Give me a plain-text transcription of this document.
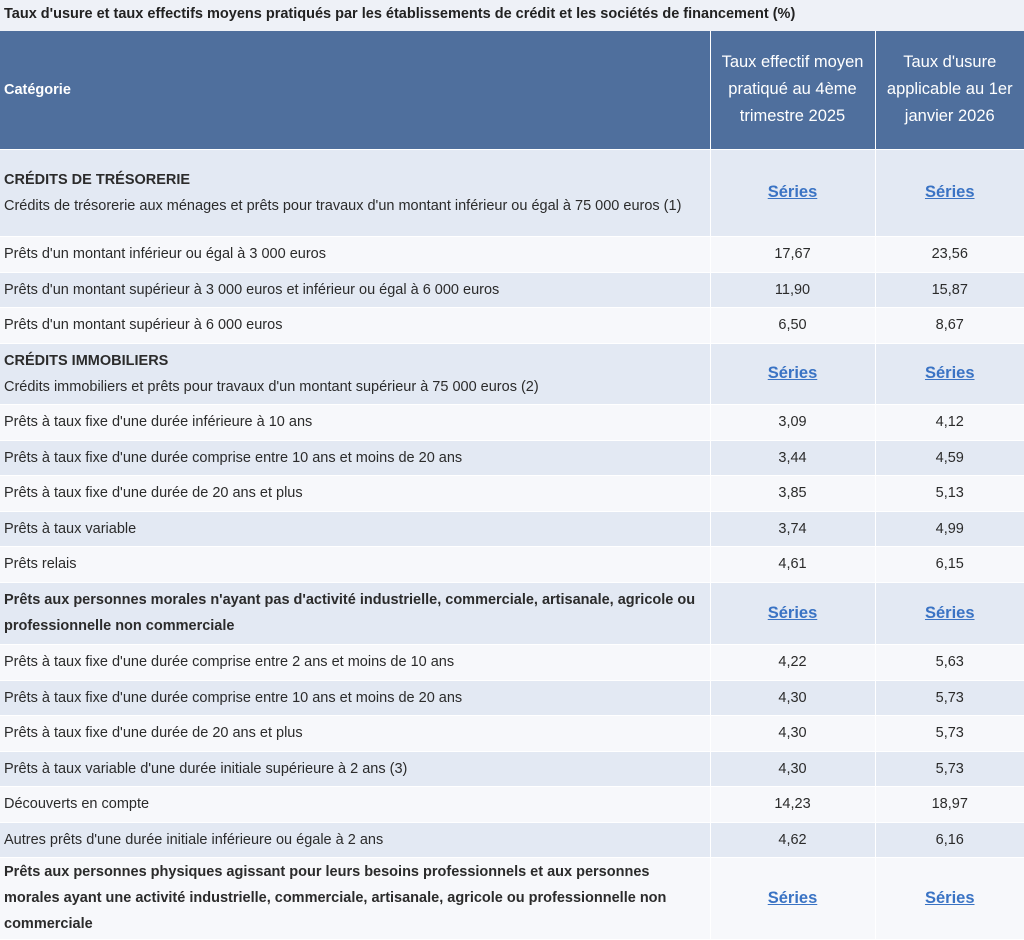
Taux d'usure et taux effectifs moyens pratiqués par les établissements de crédit et les sociétés de financement (%)
Catégorie	Taux effectif moyen pratiqué au 4ème trimestre 2025	Taux d'usure applicable au 1er janvier 2026

CRÉDITS DE TRÉSORERIE
Crédits de trésorerie aux ménages et prêts pour travaux d'un montant inférieur ou égal à 75 000 euros (1)	Séries	Séries
Prêts d'un montant inférieur ou égal à 3 000 euros	17,67	23,56
Prêts d'un montant supérieur à 3 000 euros et inférieur ou égal à 6 000 euros	11,90	15,87
Prêts d'un montant supérieur à 6 000 euros	6,50	8,67

CRÉDITS IMMOBILIERS
Crédits immobiliers et prêts pour travaux d'un montant supérieur à 75 000 euros (2)	Séries	Séries
Prêts à taux fixe d'une durée inférieure à 10 ans	3,09	4,12
Prêts à taux fixe d'une durée comprise entre 10 ans et moins de 20 ans	3,44	4,59
Prêts à taux fixe d'une durée de 20 ans et plus	3,85	5,13
Prêts à taux variable	3,74	4,99
Prêts relais	4,61	6,15

Prêts aux personnes morales n'ayant pas d'activité industrielle, commerciale, artisanale, agricole ou professionnelle non commerciale	Séries	Séries
Prêts à taux fixe d'une durée comprise entre 2 ans et moins de 10 ans	4,22	5,63
Prêts à taux fixe d'une durée comprise entre 10 ans et moins de 20 ans	4,30	5,73
Prêts à taux fixe d'une durée de 20 ans et plus	4,30	5,73
Prêts à taux variable d'une durée initiale supérieure à 2 ans (3)	4,30	5,73
Découverts en compte	14,23	18,97
Autres prêts d'une durée initiale inférieure ou égale à 2 ans	4,62	6,16

Prêts aux personnes physiques agissant pour leurs besoins professionnels et aux personnes morales ayant une activité industrielle, commerciale, artisanale, agricole ou professionnelle non commerciale	Séries	Séries
